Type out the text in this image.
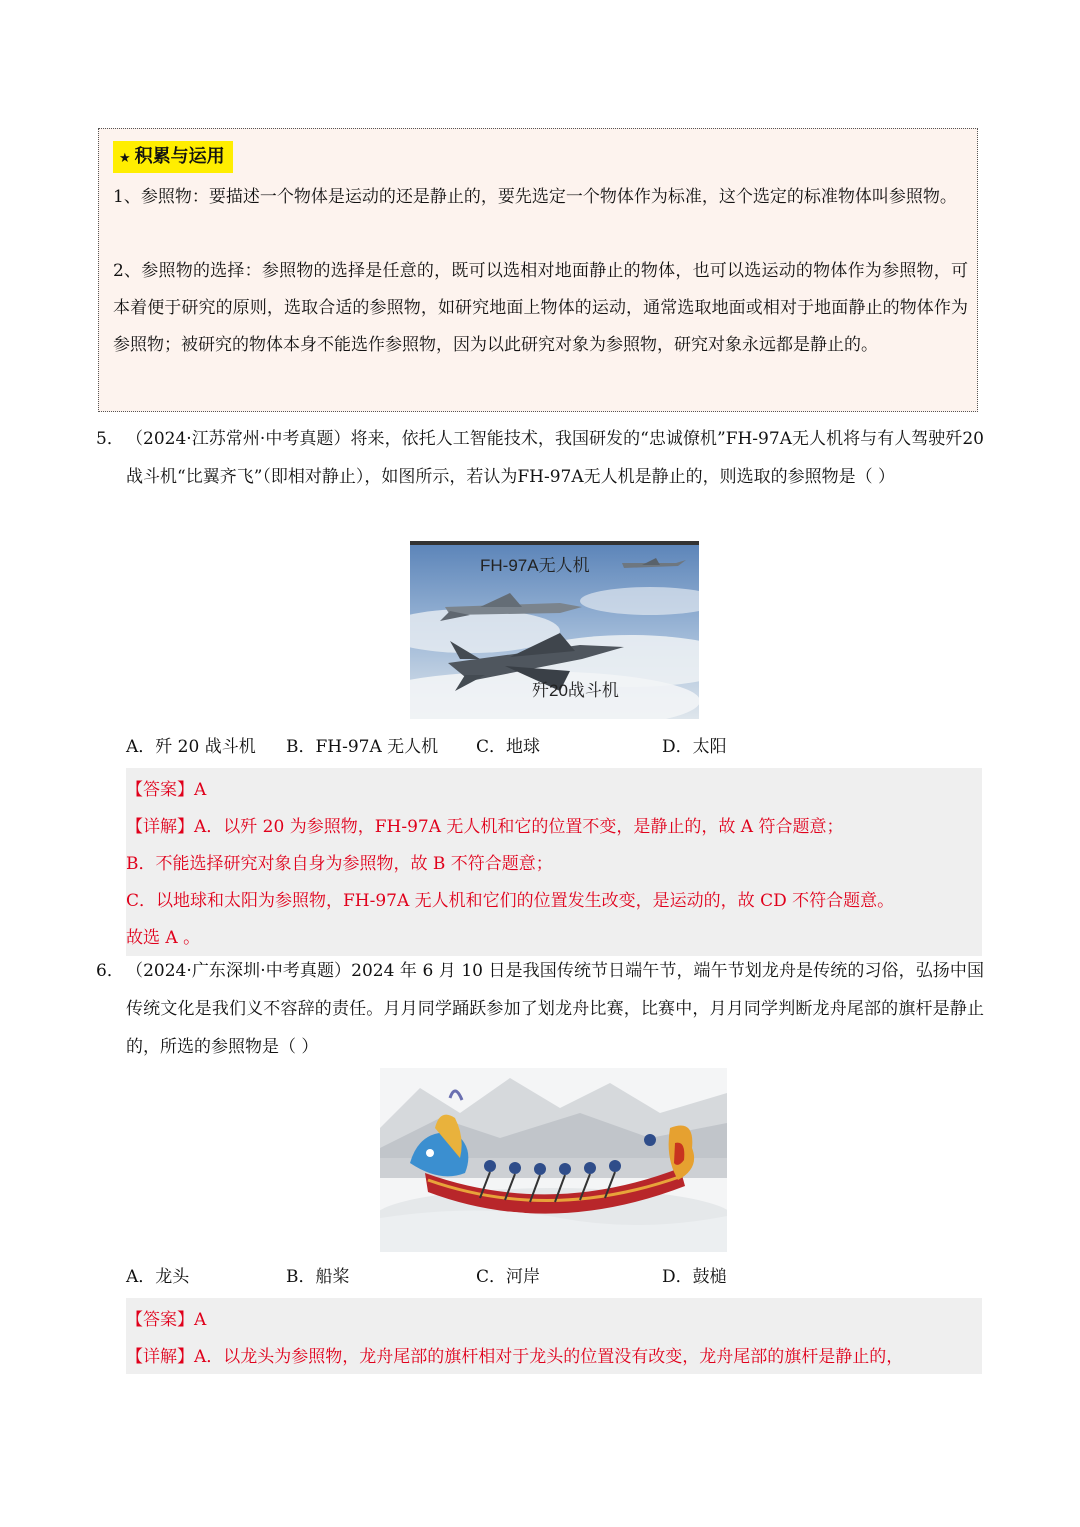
★ 积累与运用
1、参照物：要描述一个物体是运动的还是静止的，要先选定一个物体作为标准，这个选定的标准物体叫参照物。
2、参照物的选择：参照物的选择是任意的，既可以选相对地面静止的物体，也可以选运动的物体作为参照物，可本着便于研究的原则，选取合适的参照物，如研究地面上物体的运动，通常选取地面或相对于地面静止的物体作为参照物；被研究的物体本身不能选作参照物，因为以此研究对象为参照物，研究对象永远都是静止的。
5． （2024·江苏常州·中考真题）将来，依托人工智能技术，我国研发的“忠诚僚机”FH-97A无人机将与有人驾驶歼20战斗机“比翼齐飞”（即相对静止），如图所示，若认为FH-97A无人机是静止的，则选取的参照物是（ ）
FH-97A无人机
歼20战斗机
A．歼 20 战斗机 B．FH-97A 无人机 C．地球	D．太阳
【答案】A
【详解】A．以歼 20 为参照物，FH-97A 无人机和它的位置不变，是静止的，故 A 符合题意；
B．不能选择研究对象自身为参照物，故 B 不符合题意；
C．以地球和太阳为参照物，FH-97A 无人机和它们的位置发生改变，是运动的，故 CD 不符合题意。
故选 A 。
6． （2024·广东深圳·中考真题）2024 年 6 月 10 日是我国传统节日端午节，端午节划龙舟是传统的习俗，弘扬中国传统文化是我们义不容辞的责任。月月同学踊跃参加了划龙舟比赛，比赛中，月月同学判断龙舟尾部的旗杆是静止的，所选的参照物是（ ）
A．龙头	B．船桨	C．河岸	D．鼓槌
【答案】A
【详解】A．以龙头为参照物，龙舟尾部的旗杆相对于龙头的位置没有改变，龙舟尾部的旗杆是静止的，
